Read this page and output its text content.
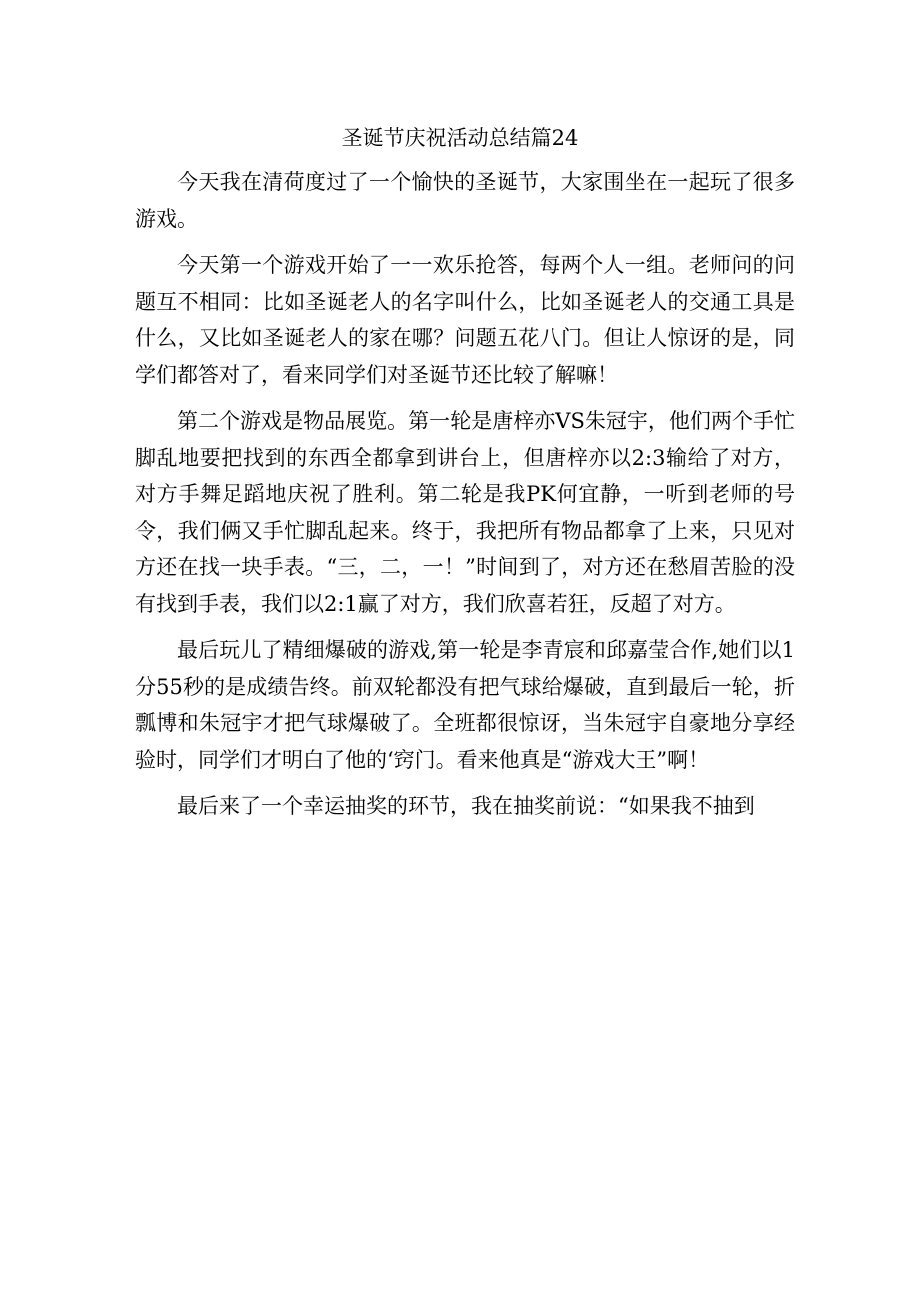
圣诞节庆祝活动总结篇24

今天我在清荷度过了一个愉快的圣诞节，大家围坐在一起玩了很多游戏。

今天第一个游戏开始了一一欢乐抢答，每两个人一组。老师问的问题互不相同：比如圣诞老人的名字叫什么，比如圣诞老人的交通工具是什么，又比如圣诞老人的家在哪？问题五花八门。但让人惊讶的是，同学们都答对了，看来同学们对圣诞节还比较了解嘛！

第二个游戏是物品展览。第一轮是唐梓亦VS朱冠宇，他们两个手忙脚乱地要把找到的东西全都拿到讲台上，但唐梓亦以2:3输给了对方，对方手舞足蹈地庆祝了胜利。第二轮是我PK何宜静，一听到老师的号令，我们俩又手忙脚乱起来。终于，我把所有物品都拿了上来，只见对方还在找一块手表。“三，二，一！”时间到了，对方还在愁眉苦脸的没有找到手表，我们以2:1赢了对方，我们欣喜若狂，反超了对方。

最后玩儿了精细爆破的游戏,第一轮是李青宸和邱嘉莹合作,她们以1分55秒的是成绩告终。前双轮都没有把气球给爆破，直到最后一轮，折瓢博和朱冠宇才把气球爆破了。全班都很惊讶，当朱冠宇自豪地分享经验时，同学们才明白了他的‘窍门。看来他真是“游戏大王”啊！

最后来了一个幸运抽奖的环节，我在抽奖前说：“如果我不抽到
